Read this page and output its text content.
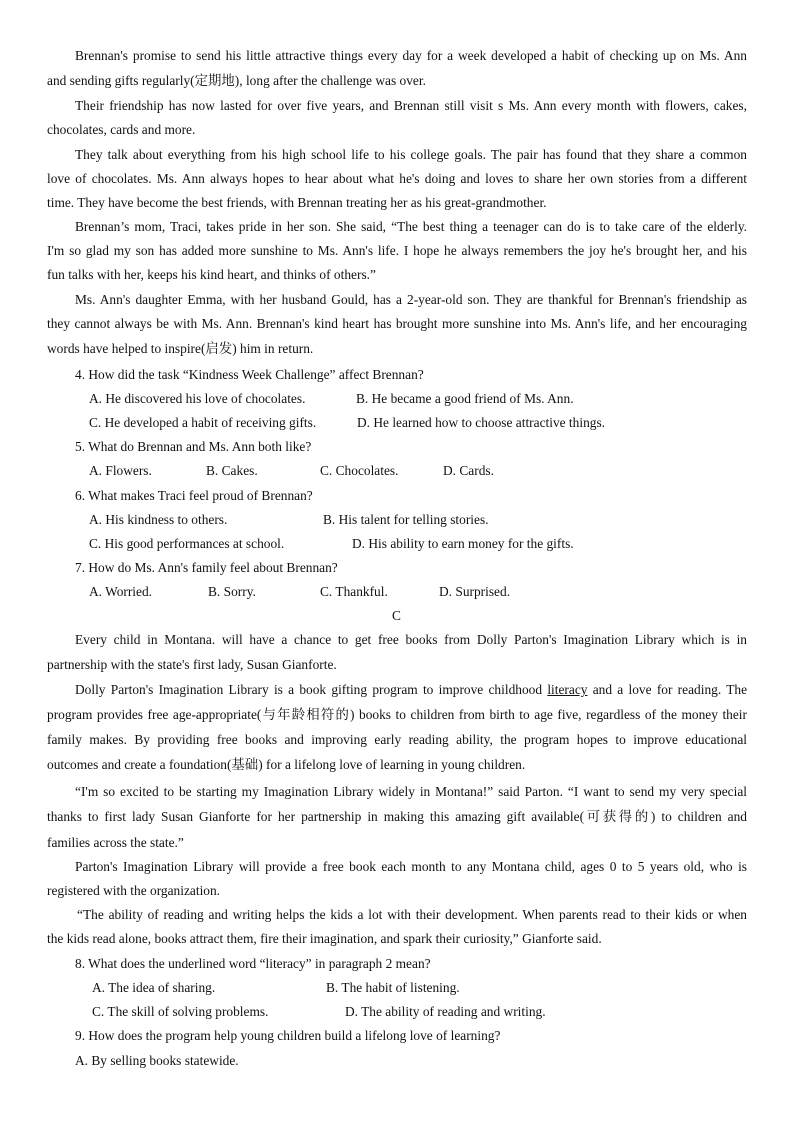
Brennan's promise to send his little attractive things every day for a week developed a habit of checking up on Ms. Ann
and sending gifts regularly(定期地), long after the challenge was over.
Their friendship has now lasted for over five years, and Brennan still visit s Ms. Ann every month with flowers, cakes,
chocolates, cards and more.
They talk about everything from his high school life to his college goals. The pair has found that they share a common
love of chocolates. Ms. Ann always hopes to hear about what he's doing and loves to share her own stories from a different
time. They have become the best friends, with Brennan treating her as his great-grandmother.
Brennan’s mom, Traci, takes pride in her son. She said, “The best thing a teenager can do is to take care of the elderly.
I'm so glad my son has added more sunshine to Ms. Ann's life. I hope he always remembers the joy he's brought her, and his
fun talks with her, keeps his kind heart, and thinks of others.”
Ms. Ann's daughter Emma, with her husband Gould, has a 2-year-old son. They are thankful for Brennan's friendship as
they cannot always be with Ms. Ann. Brennan's kind heart has brought more sunshine into Ms. Ann's life, and her encouraging
words have helped to inspire(启发) him in return.
4. How did the task “Kindness Week Challenge” affect Brennan?
A. He discovered his love of chocolates.	B. He became a good friend of Ms. Ann.
C. He developed a habit of receiving gifts.	D. He learned how to choose attractive things.
5. What do Brennan and Ms. Ann both like?
A. Flowers.	B. Cakes.	C. Chocolates.	D. Cards.
6. What makes Traci feel proud of Brennan?
A. His kindness to others.	B. His talent for telling stories.
C. His good performances at school.	D. His ability to earn money for the gifts.
7. How do Ms. Ann's family feel about Brennan?
A. Worried.	B. Sorry.	C. Thankful.	D. Surprised.
C
Every child in Montana. will have a chance to get free books from Dolly Parton's Imagination Library which is in
partnership with the state's first lady, Susan Gianforte.
Dolly Parton's Imagination Library is a book gifting program to improve childhood literacy and a love for reading. The
program provides free age-appropriate(与年龄相符的) books to children from birth to age five, regardless of the money their
family makes. By providing free books and improving early reading ability, the program hopes to improve educational
outcomes and create a foundation(基础) for a lifelong love of learning in young children.
“I'm so excited to be starting my Imagination Library widely in Montana!” said Parton. “I want to send my very special
thanks to first lady Susan Gianforte for her partnership in making this amazing gift available(可获得的) to children and
families across the state.”
Parton's Imagination Library will provide a free book each month to any Montana child, ages 0 to 5 years old, who is
registered with the organization.
“The ability of reading and writing helps the kids a lot with their development. When parents read to their kids or when
the kids read alone, books attract them, fire their imagination, and spark their curiosity,” Gianforte said.
8. What does the underlined word “literacy” in paragraph 2 mean?
A. The idea of sharing.	B. The habit of listening.
C. The skill of solving problems.	D. The ability of reading and writing.
9. How does the program help young children build a lifelong love of learning?
A. By selling books statewide.
